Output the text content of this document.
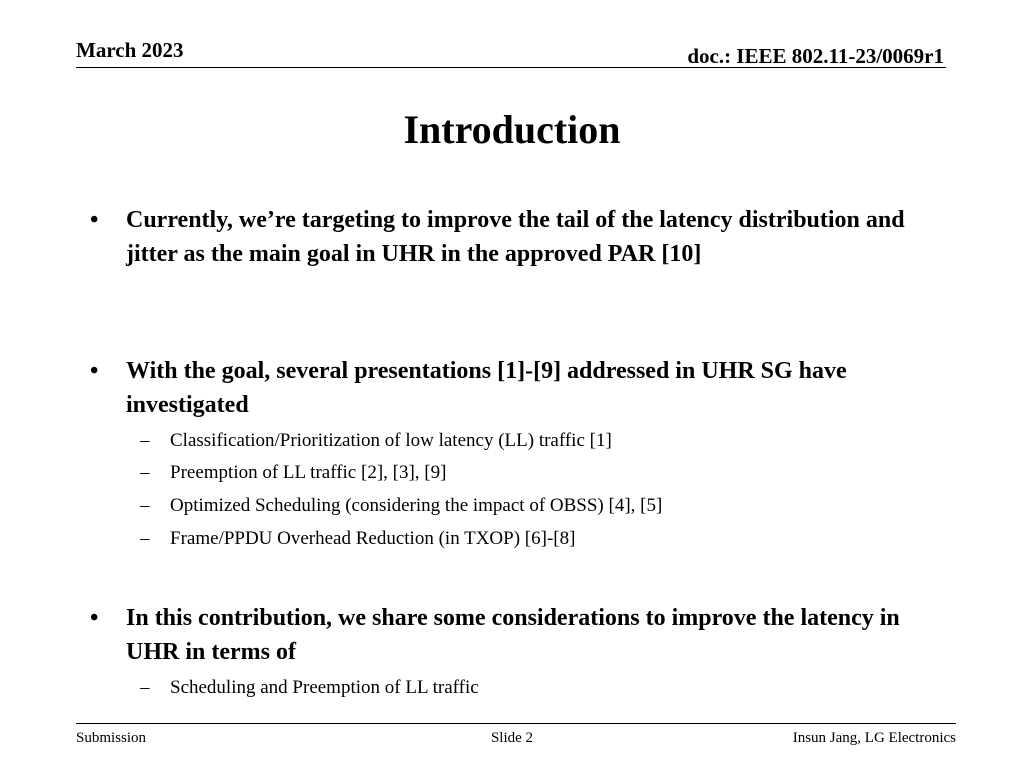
March 2023	doc.: IEEE 802.11-23/0069r1
Introduction
•	Currently, we’re targeting to improve the tail of the latency distribution and jitter as the main goal in UHR in the approved PAR [10]
•	With the goal, several presentations [1]-[9] addressed in UHR SG have investigated
–	Classification/Prioritization of low latency (LL) traffic [1]
–	Preemption of LL traffic [2], [3], [9]
–	Optimized Scheduling (considering the impact of OBSS) [4], [5]
–	Frame/PPDU Overhead Reduction (in TXOP) [6]-[8]
•	In this contribution, we share some considerations to improve the latency in UHR in terms of
–	Scheduling and Preemption of LL traffic
Submission	Slide 2	Insun Jang, LG Electronics
